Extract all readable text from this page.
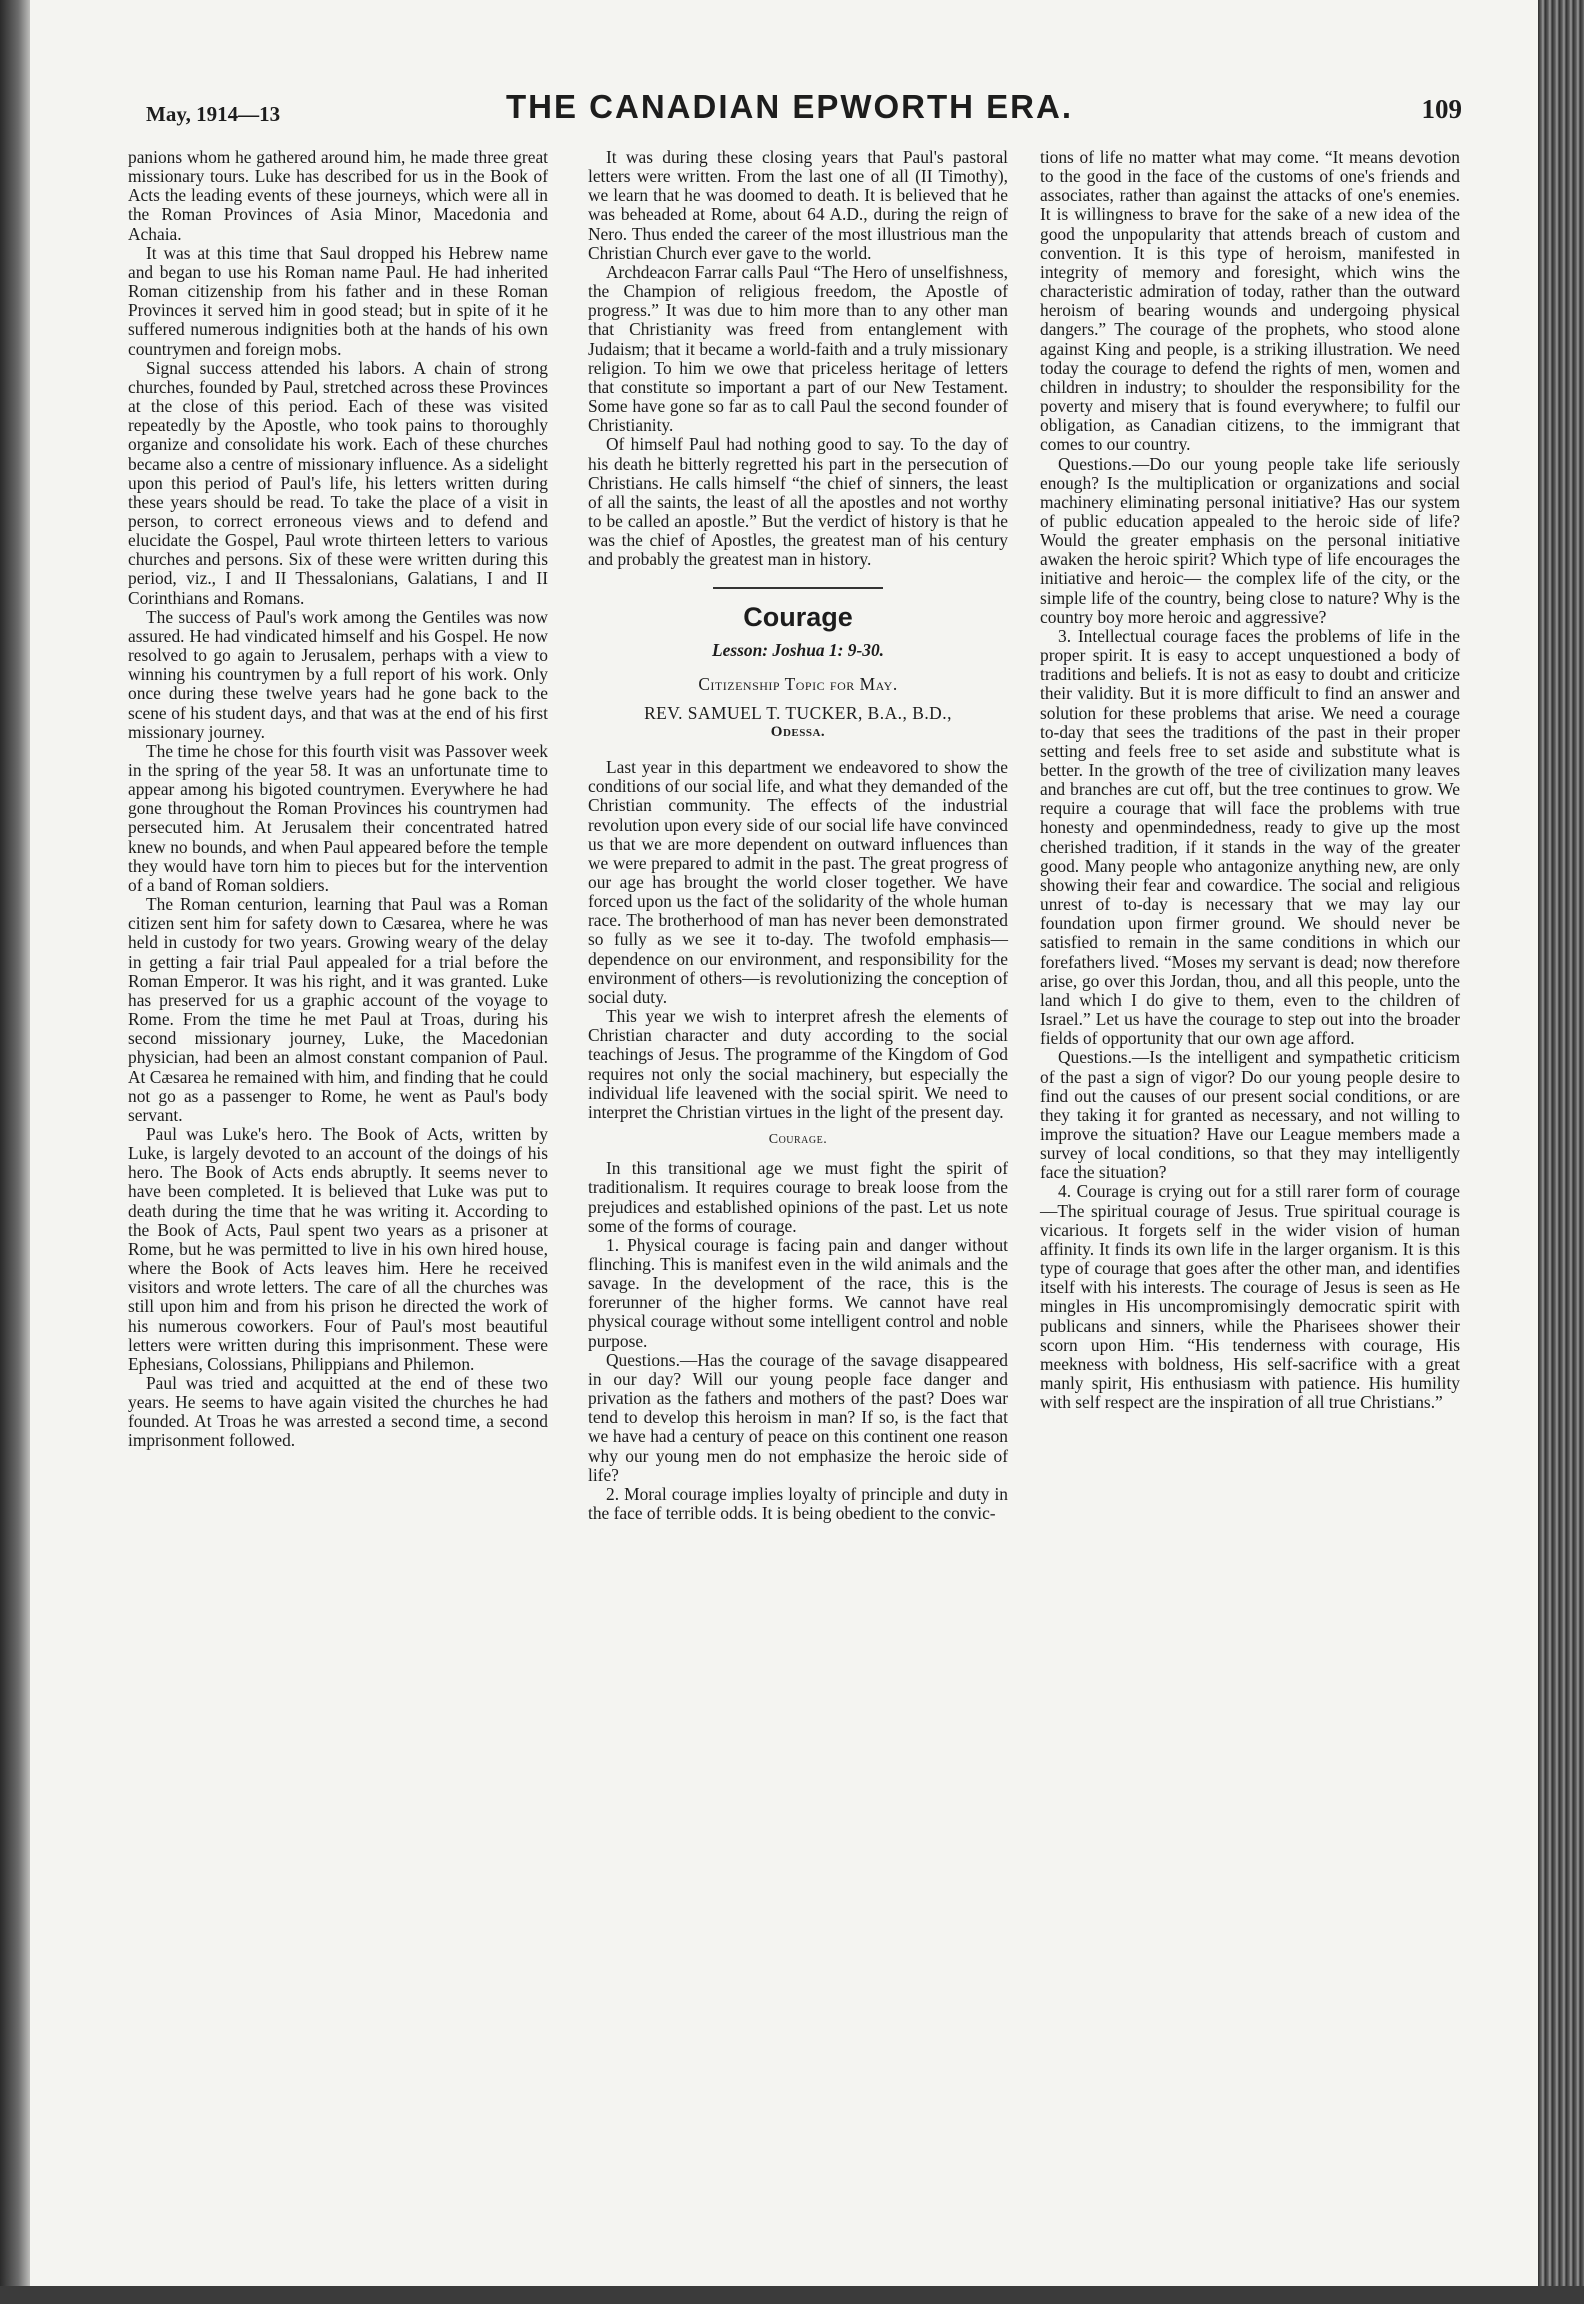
May, 1914—13	THE CANADIAN EPWORTH ERA.	109

panions whom he gathered around him, he made three great missionary tours. Luke has described for us in the Book of Acts the leading events of these journeys, which were all in the Roman Provinces of Asia Minor, Macedonia and Achaia.

It was at this time that Saul dropped his Hebrew name and began to use his Roman name Paul. He had inherited Roman citizenship from his father and in these Roman Provinces it served him in good stead; but in spite of it he suffered numerous indignities both at the hands of his own countrymen and foreign mobs.

Signal success attended his labors. A chain of strong churches, founded by Paul, stretched across these Provinces at the close of this period. Each of these was visited repeatedly by the Apostle, who took pains to thoroughly organize and consolidate his work. Each of these churches became also a centre of missionary influence. As a sidelight upon this period of Paul's life, his letters written during these years should be read. To take the place of a visit in person, to correct erroneous views and to defend and elucidate the Gospel, Paul wrote thirteen letters to various churches and persons. Six of these were written during this period, viz., I and II Thessalonians, Galatians, I and II Corinthians and Romans.

The success of Paul's work among the Gentiles was now assured. He had vindicated himself and his Gospel. He now resolved to go again to Jerusalem, perhaps with a view to winning his countrymen by a full report of his work. Only once during these twelve years had he gone back to the scene of his student days, and that was at the end of his first missionary journey.

The time he chose for this fourth visit was Passover week in the spring of the year 58. It was an unfortunate time to appear among his bigoted countrymen. Everywhere he had gone throughout the Roman Provinces his countrymen had persecuted him. At Jerusalem their concentrated hatred knew no bounds, and when Paul appeared before the temple they would have torn him to pieces but for the intervention of a band of Roman soldiers.

The Roman centurion, learning that Paul was a Roman citizen sent him for safety down to Cæsarea, where he was held in custody for two years. Growing weary of the delay in getting a fair trial Paul appealed for a trial before the Roman Emperor. It was his right, and it was granted. Luke has preserved for us a graphic account of the voyage to Rome. From the time he met Paul at Troas, during his second missionary journey, Luke, the Macedonian physician, had been an almost constant companion of Paul. At Cæsarea he remained with him, and finding that he could not go as a passenger to Rome, he went as Paul's body servant.

Paul was Luke's hero. The Book of Acts, written by Luke, is largely devoted to an account of the doings of his hero. The Book of Acts ends abruptly. It seems never to have been completed. It is believed that Luke was put to death during the time that he was writing it. According to the Book of Acts, Paul spent two years as a prisoner at Rome, but he was permitted to live in his own hired house, where the Book of Acts leaves him. Here he received visitors and wrote letters. The care of all the churches was still upon him and from his prison he directed the work of his numerous coworkers. Four of Paul's most beautiful letters were written during this imprisonment. These were Ephesians, Colossians, Philippians and Philemon.

Paul was tried and acquitted at the end of these two years. He seems to have again visited the churches he had founded. At Troas he was arrested a second time, a second imprisonment followed.

It was during these closing years that Paul's pastoral letters were written. From the last one of all (II Timothy), we learn that he was doomed to death. It is believed that he was beheaded at Rome, about 64 A.D., during the reign of Nero. Thus ended the career of the most illustrious man the Christian Church ever gave to the world.

Archdeacon Farrar calls Paul “The Hero of unselfishness, the Champion of religious freedom, the Apostle of progress.” It was due to him more than to any other man that Christianity was freed from entanglement with Judaism; that it became a world-faith and a truly missionary religion. To him we owe that priceless heritage of letters that constitute so important a part of our New Testament. Some have gone so far as to call Paul the second founder of Christianity.

Of himself Paul had nothing good to say. To the day of his death he bitterly regretted his part in the persecution of Christians. He calls himself “the chief of sinners, the least of all the saints, the least of all the apostles and not worthy to be called an apostle.” But the verdict of history is that he was the chief of Apostles, the greatest man of his century and probably the greatest man in history.

Courage
Lesson: Joshua 1: 9-30.
Citizenship Topic for May.
REV. SAMUEL T. TUCKER, B.A., B.D.,
Odessa.

Last year in this department we endeavored to show the conditions of our social life, and what they demanded of the Christian community. The effects of the industrial revolution upon every side of our social life have convinced us that we are more dependent on outward influences than we were prepared to admit in the past. The great progress of our age has brought the world closer together. We have forced upon us the fact of the solidarity of the whole human race. The brotherhood of man has never been demonstrated so fully as we see it to-day. The twofold emphasis—dependence on our environment, and responsibility for the environment of others—is revolutionizing the conception of social duty.

This year we wish to interpret afresh the elements of Christian character and duty according to the social teachings of Jesus. The programme of the Kingdom of God requires not only the social machinery, but especially the individual life leavened with the social spirit. We need to interpret the Christian virtues in the light of the present day.

Courage.

In this transitional age we must fight the spirit of traditionalism. It requires courage to break loose from the prejudices and established opinions of the past. Let us note some of the forms of courage.

1. Physical courage is facing pain and danger without flinching. This is manifest even in the wild animals and the savage. In the development of the race, this is the forerunner of the higher forms. We cannot have real physical courage without some intelligent control and noble purpose.

Questions.—Has the courage of the savage disappeared in our day? Will our young people face danger and privation as the fathers and mothers of the past? Does war tend to develop this heroism in man? If so, is the fact that we have had a century of peace on this continent one reason why our young men do not emphasize the heroic side of life?

2. Moral courage implies loyalty of principle and duty in the face of terrible odds. It is being obedient to the convic-

tions of life no matter what may come. “It means devotion to the good in the face of the customs of one's friends and associates, rather than against the attacks of one's enemies. It is willingness to brave for the sake of a new idea of the good the unpopularity that attends breach of custom and convention. It is this type of heroism, manifested in integrity of memory and foresight, which wins the characteristic admiration of today, rather than the outward heroism of bearing wounds and undergoing physical dangers.” The courage of the prophets, who stood alone against King and people, is a striking illustration. We need today the courage to defend the rights of men, women and children in industry; to shoulder the responsibility for the poverty and misery that is found everywhere; to fulfil our obligation, as Canadian citizens, to the immigrant that comes to our country.

Questions.—Do our young people take life seriously enough? Is the multiplication or organizations and social machinery eliminating personal initiative? Has our system of public education appealed to the heroic side of life? Would the greater emphasis on the personal initiative awaken the heroic spirit? Which type of life encourages the initiative and heroic— the complex life of the city, or the simple life of the country, being close to nature? Why is the country boy more heroic and aggressive?

3. Intellectual courage faces the problems of life in the proper spirit. It is easy to accept unquestioned a body of traditions and beliefs. It is not as easy to doubt and criticize their validity. But it is more difficult to find an answer and solution for these problems that arise. We need a courage to-day that sees the traditions of the past in their proper setting and feels free to set aside and substitute what is better. In the growth of the tree of civilization many leaves and branches are cut off, but the tree continues to grow. We require a courage that will face the problems with true honesty and openmindedness, ready to give up the most cherished tradition, if it stands in the way of the greater good. Many people who antagonize anything new, are only showing their fear and cowardice. The social and religious unrest of to-day is necessary that we may lay our foundation upon firmer ground. We should never be satisfied to remain in the same conditions in which our forefathers lived. “Moses my servant is dead; now therefore arise, go over this Jordan, thou, and all this people, unto the land which I do give to them, even to the children of Israel.” Let us have the courage to step out into the broader fields of opportunity that our own age afford.

Questions.—Is the intelligent and sympathetic criticism of the past a sign of vigor? Do our young people desire to find out the causes of our present social conditions, or are they taking it for granted as necessary, and not willing to improve the situation? Have our League members made a survey of local conditions, so that they may intelligently face the situation?

4. Courage is crying out for a still rarer form of courage—The spiritual courage of Jesus. True spiritual courage is vicarious. It forgets self in the wider vision of human affinity. It finds its own life in the larger organism. It is this type of courage that goes after the other man, and identifies itself with his interests. The courage of Jesus is seen as He mingles in His uncompromisingly democratic spirit with publicans and sinners, while the Pharisees shower their scorn upon Him. “His tenderness with courage, His meekness with boldness, His self-sacrifice with a great manly spirit, His enthusiasm with patience. His humility with self respect are the inspiration of all true Christians.”
